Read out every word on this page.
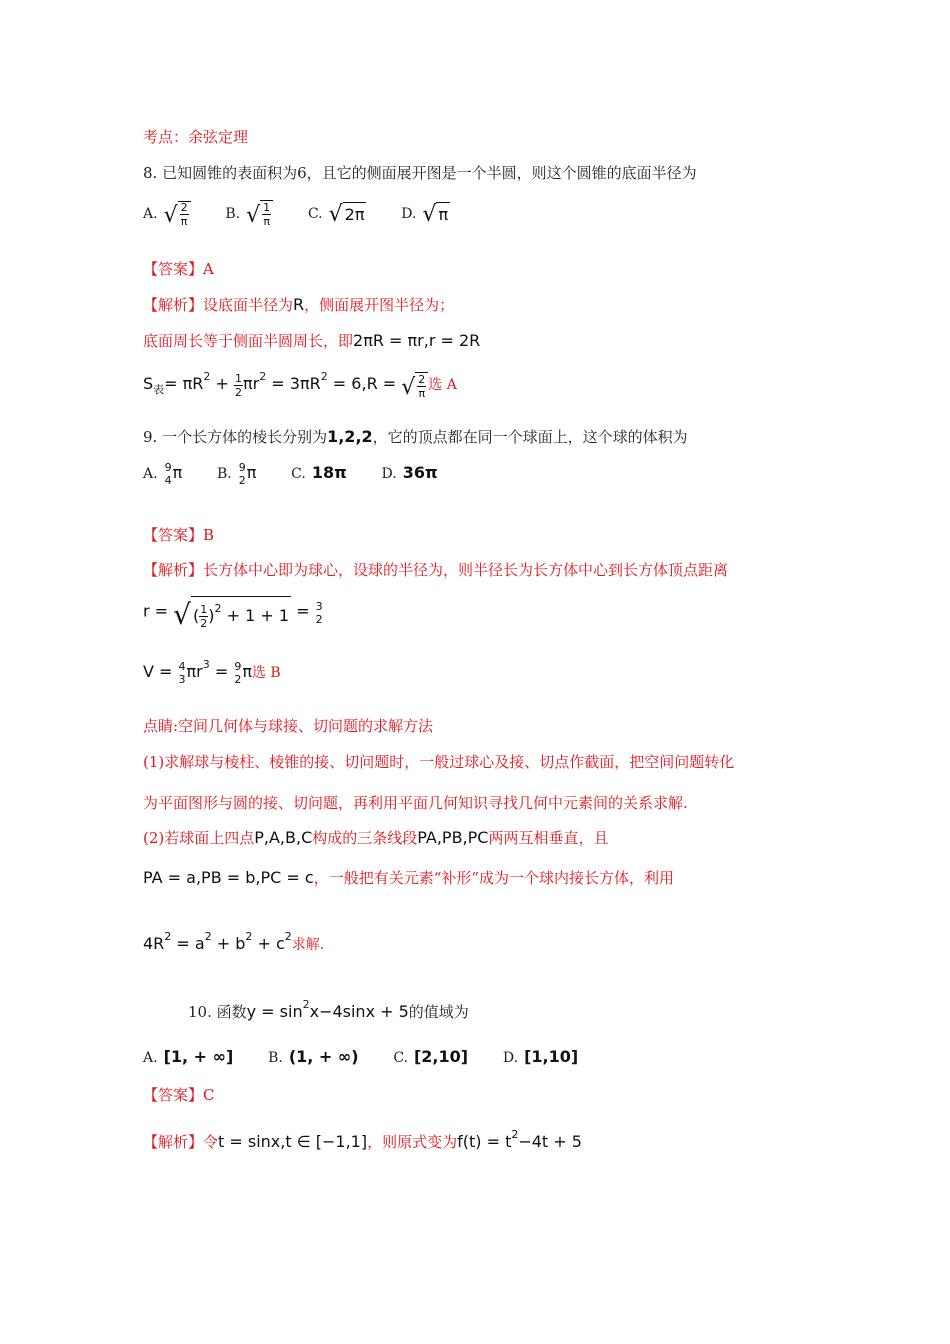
考点：余弦定理
8. 已知圆锥的表面积为6，且它的侧面展开图是一个半圆，则这个圆锥的底面半径为
A. √ $\frac{2}{\pi}$	B. √ $\frac{1}{\pi}$	C. √ 2π	D. √ π
【答案】A
【解析】设底面半径为R，侧面展开图半径为；
底面周长等于侧面半圆周长，即2πR = πr,r = 2R
$S_表= \pi R^2 + \frac{1}{2} \pi r^2 = 3\pi R^2 = 6,R$ = √ $\frac{2}{\pi}$ 选 A
9. 一个长方体的棱长分别为1,2,2，它的顶点都在同一个球面上，这个球的体积为
A. 9
4 π B. 9
2 π C. 18π D. 36π
【答案】B
【解析】长方体中心即为球心，设球的半径为，则半径长为长方体中心到长方体顶点距离
r = √ ( $\frac{1}{2} )^2 + 1 + 1 = 3$
2
V = 4
3 $\pi r^3 = 9$
2 π选 B
点睛:空间几何体与球接、切问题的求解方法
(1)求解球与棱柱、棱锥的接、切问题时，一般过球心及接、切点作截面，把空间问题转化
为平面图形与圆的接、切问题，再利用平面几何知识寻找几何中元素间的关系求解.
(2)若球面上四点P,A,B,C构成的三条线段PA,PB,PC两两互相垂直，且
PA = a,PB = b,PC = c，一般把有关元素“补形”成为一个球内接长方体，利用
$4R^2 = a^2 + b^2 + c^2$求解.
10. 函数$y = \sin^2x-4\sin x + 5$的值域为
A. [1, + ∞] B. (1, + ∞) C. [2,10] D. [1,10]
【答案】C
【解析】令t = sinx,t ∈ [−1,1]，则原式变为$f(t) = t^2-4t + 5$
